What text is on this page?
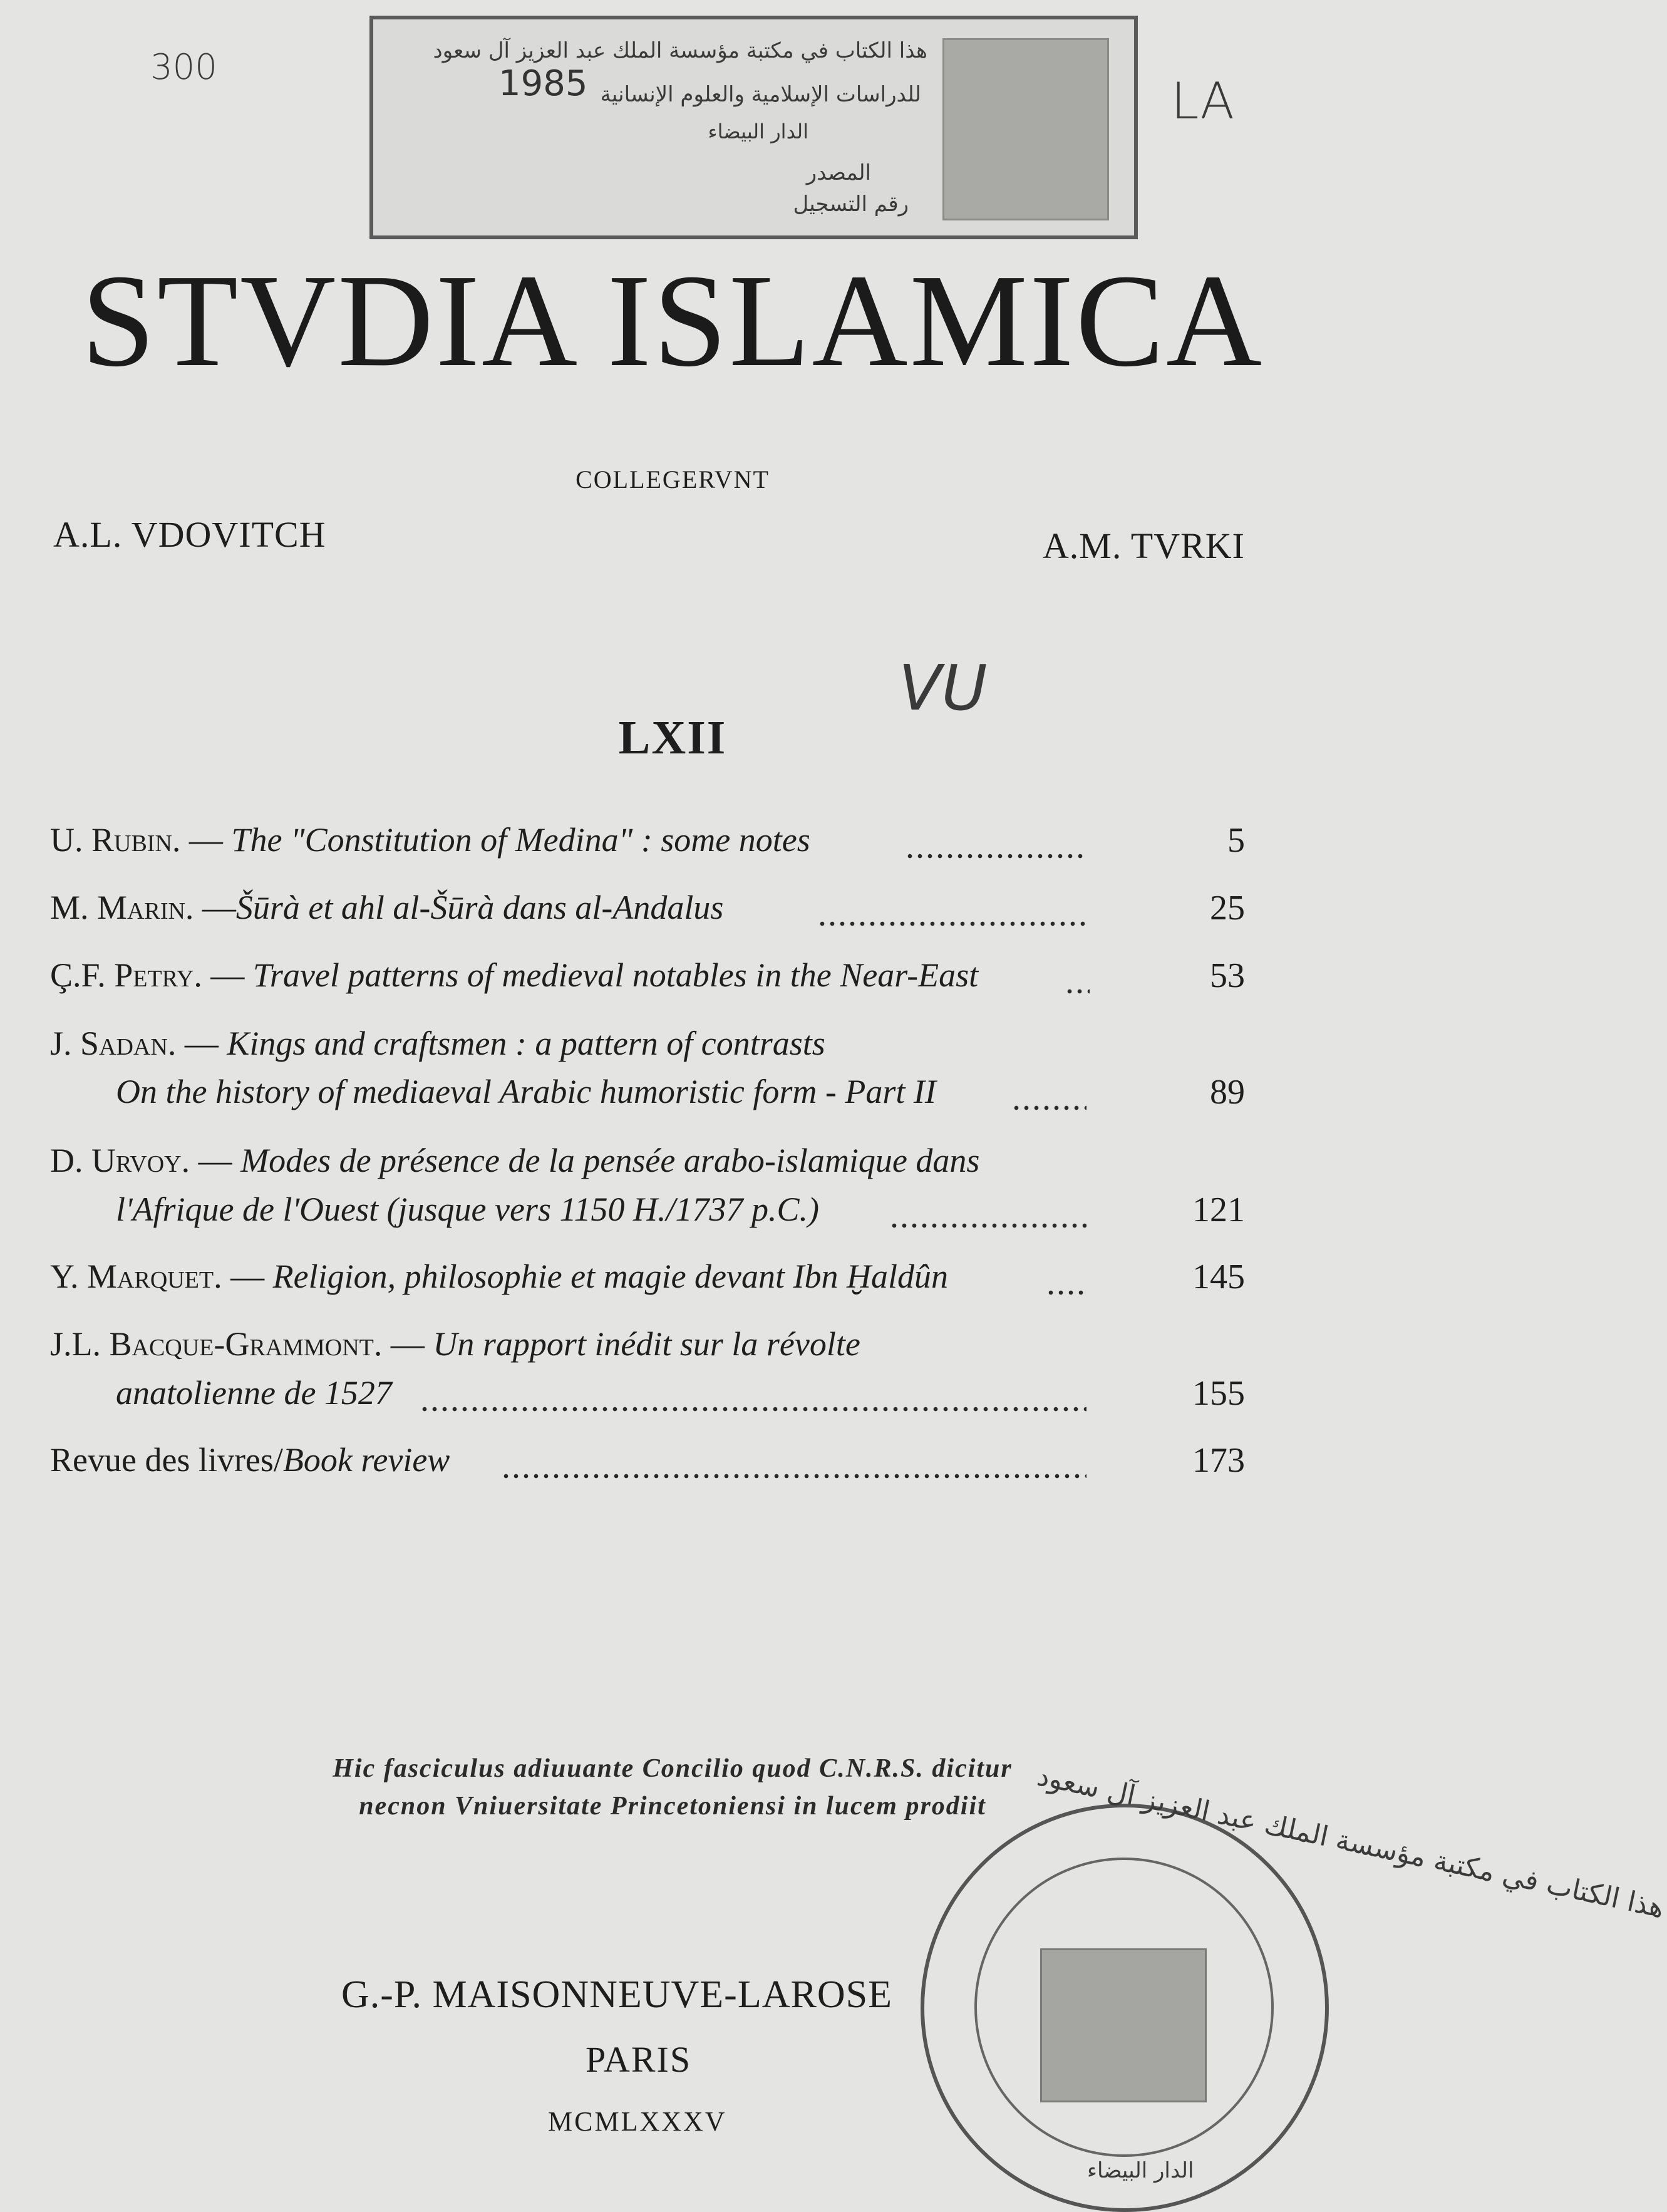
300
LA
VU
هذا الكتاب في مكتبة مؤسسة الملك عبد العزيز آل سعود
للدراسات الإسلامية والعلوم الإنسانية
الدار البيضاء
المصدر
رقم التسجيل
1985
STVDIA ISLAMICA
COLLEGERVNT
A.L. VDOVITCH	A.M. TVRKI
LXII
U. Rubin. — The "Constitution of Medina" : some notes	5
M. Marin. —Šūrà et ahl al-Šūrà dans al-Andalus	25
Ç.F. Petry. — Travel patterns of medieval notables in the Near-East	53
J. Sadan. — Kings and craftsmen : a pattern of contrasts
On the history of mediaeval Arabic humoristic form - Part II	89
D. Urvoy. — Modes de présence de la pensée arabo-islamique dans
l'Afrique de l'Ouest (jusque vers 1150 H./1737 p.C.)	121
Y. Marquet. — Religion, philosophie et magie devant Ibn Ḫaldûn	145
J.L. Bacque-Grammont. — Un rapport inédit sur la révolte
anatolienne de 1527	155
Revue des livres/Book review	173
Hic fasciculus adiuuante Concilio quod C.N.R.S. dicitur
necnon Vniuersitate Princetoniensi in lucem prodiit
G.-P. MAISONNEUVE-LAROSE
PARIS
MCMLXXXV
هذا الكتاب في مكتبة مؤسسة الملك عبد العزيز آل سعود
الدار البيضاء
